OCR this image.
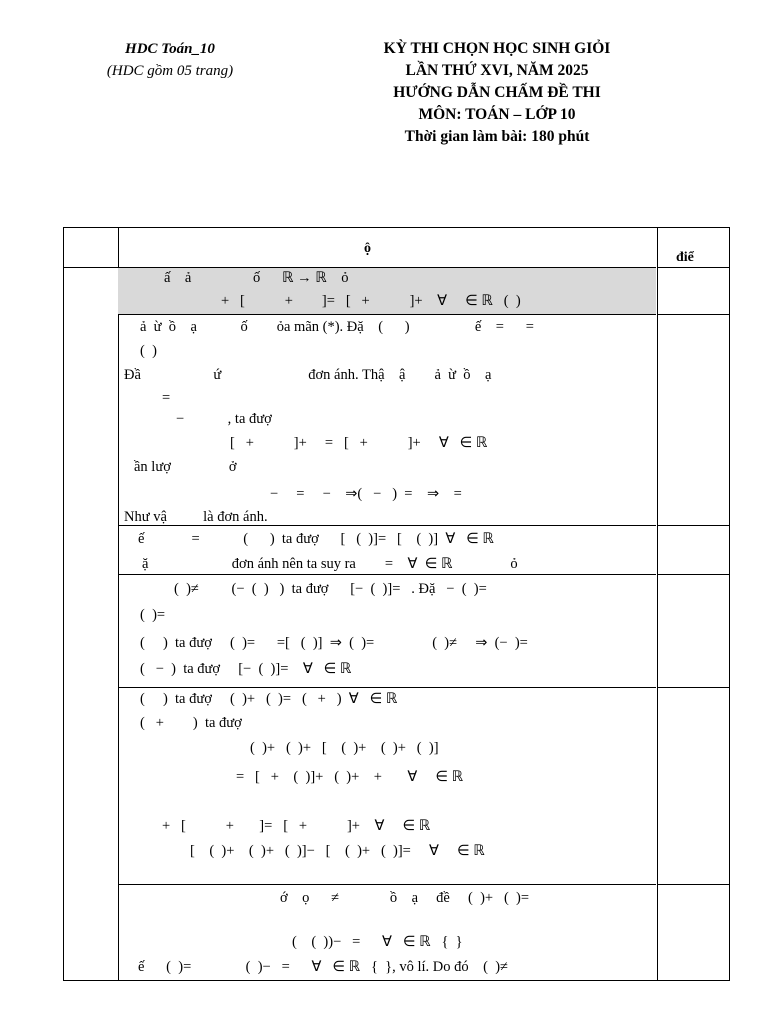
HDC Toán_10
(HDC gồm 05 trang)
KỲ THI CHỌN HỌC SINH GIỎI
LẦN THỨ XVI, NĂM 2025
HƯỚNG DẪN CHẤM ĐỀ THI
MÔN: TOÁN – LỚP 10
Thời gian làm bài: 180 phút
ộ
điể
ấ    ả                 ố      ℝ → ℝ    ỏ
+   [           +        ]=   [   +           ]+    ∀     ∈ ℝ   (  )
ả  ừ  ồ    ạ            ố        ỏa mãn (*). Đặ    (      )                  ế    =      =
(  )
Đầ                    ứ                        đơn ánh. Thậ    ậ        ả  ừ  ồ    ạ
=
−            , ta đượ
[   +           ]+     =   [   +           ]+     ∀   ∈ ℝ
ần lượ                ở
−     =     −    ⇒(   −   )  =    ⇒    =
Như vậ          là đơn ánh.
ế             =            (      )  ta đượ      [   (  )]=   [    (  )]  ∀   ∈ ℝ
ặ                       đơn ánh nên ta suy ra        =    ∀  ∈ ℝ                ỏ
(  )≠         (−  (  )   )  ta đượ      [−  (  )]=   . Đặ   −  (  )=
(  )=
(     )  ta đượ     (  )=      =[   (  )]  ⇒  (  )=                (  )≠     ⇒  (−  )=
(   −  )  ta đượ     [−  (  )]=    ∀   ∈ ℝ
(     )  ta đượ     (  )+   (  )=   (   +   )  ∀   ∈ ℝ
(   +        )  ta đượ
(  )+   (  )+   [    (  )+    (  )+   (  )]
=   [   +    (  )]+   (  )+    +       ∀     ∈ ℝ
+   [           +       ]=   [   +           ]+    ∀     ∈ ℝ
[    (  )+    (  )+   (  )]−   [    (  )+   (  )]=     ∀     ∈ ℝ
ớ    ọ      ≠              ồ    ạ     đề     (  )+   (  )=
(    (  ))−   =      ∀   ∈ ℝ   {  }
ế      (  )=               (  )−   =      ∀   ∈ ℝ   {  }, vô lí. Do đó    (  )≠
